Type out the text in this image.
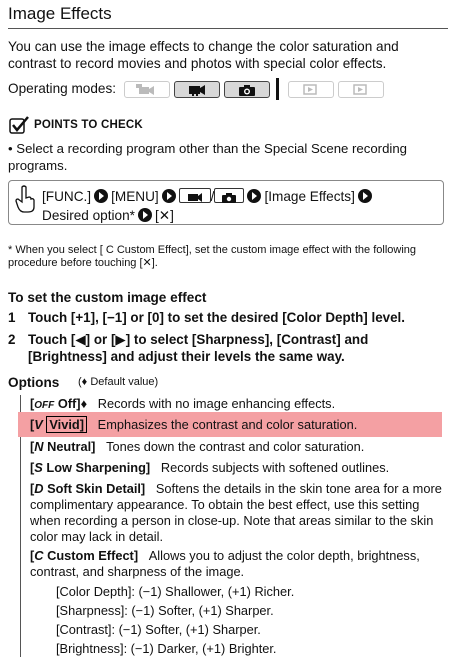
Image Effects
You can use the image effects to change the color saturation and contrast to record movies and photos with special color effects.
Operating modes:
POINTS TO CHECK
• Select a recording program other than the Special Scene recording programs.
[FUNC.] [MENU]	/	[Image Effects]
Desired option* [✕]
* When you select [ C Custom Effect], set the custom image effect with the following procedure before touching [✕].
To set the custom image effect
1 Touch [+1], [−1] or [0] to set the desired [Color Depth] level.
2 Touch [◀] or [▶] to select [Sharpness], [Contrast] and [Brightness] and adjust their levels the same way.
Options (♦ Default value)
[OFF Off]♦ Records with no image enhancing effects.
[V Vivid] Emphasizes the contrast and color saturation.
[N Neutral] Tones down the contrast and color saturation.
[S Low Sharpening] Records subjects with softened outlines.
[D Soft Skin Detail] Softens the details in the skin tone area for a more complimentary appearance. To obtain the best effect, use this setting when recording a person in close-up. Note that areas similar to the skin color may lack in detail.
[C Custom Effect] Allows you to adjust the color depth, brightness, contrast, and sharpness of the image.
[Color Depth]: (−1) Shallower, (+1) Richer.
[Sharpness]: (−1) Softer, (+1) Sharper.
[Contrast]: (−1) Softer, (+1) Sharper.
[Brightness]: (−1) Darker, (+1) Brighter.
